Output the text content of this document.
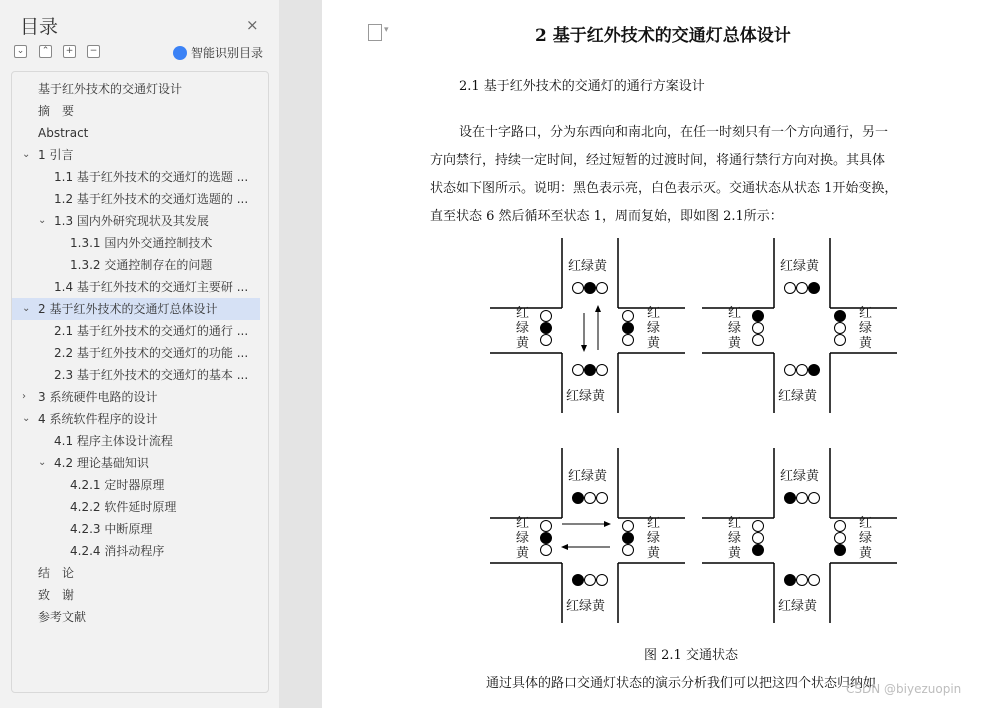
目录	×
⌄	⌃	+	−	智能识别目录
基于红外技术的交通灯设计
摘　要
Abstract
⌄ 1 引言
1.1 基于红外技术的交通灯的选题 ...
1.2 基于红外技术的交通灯选题的 ...
⌄ 1.3 国内外研究现状及其发展
1.3.1 国内外交通控制技术
1.3.2 交通控制存在的问题
1.4 基于红外技术的交通灯主要研 ...
⌄ 2 基于红外技术的交通灯总体设计
2.1 基于红外技术的交通灯的通行 ...
2.2 基于红外技术的交通灯的功能 ...
2.3 基于红外技术的交通灯的基本 ...
› 3 系统硬件电路的设计
⌄ 4 系统软件程序的设计
4.1 程序主体设计流程
⌄ 4.2 理论基础知识
4.2.1 定时器原理
4.2.2 软件延时原理
4.2.3 中断原理
4.2.4 消抖动程序
结　论
致　谢
参考文献
▾
2 基于红外技术的交通灯总体设计
2.1 基于红外技术的交通灯的通行方案设计
设在十字路口，分为东西向和南北向，在任一时刻只有一个方向通行，另一
方向禁行，持续一定时间，经过短暂的过渡时间，将通行禁行方向对换。其具体
状态如下图所示。说明：黑色表示亮，白色表示灭。交通状态从状态 1开始变换，
直至状态 6 然后循环至状态 1，周而复始，即如图 2.1所示：
红绿黄
红绿黄
红	红
绿	绿
黄	黄
红绿黄
红绿黄
红	红
绿	绿
黄	黄
红绿黄
红绿黄
红	红
绿	绿
黄	黄
红绿黄
红绿黄
红	红
绿	绿
黄	黄
图 2.1 交通状态
通过具体的路口交通灯状态的演示分析我们可以把这四个状态归纳如
CSDN @biyezuopin
